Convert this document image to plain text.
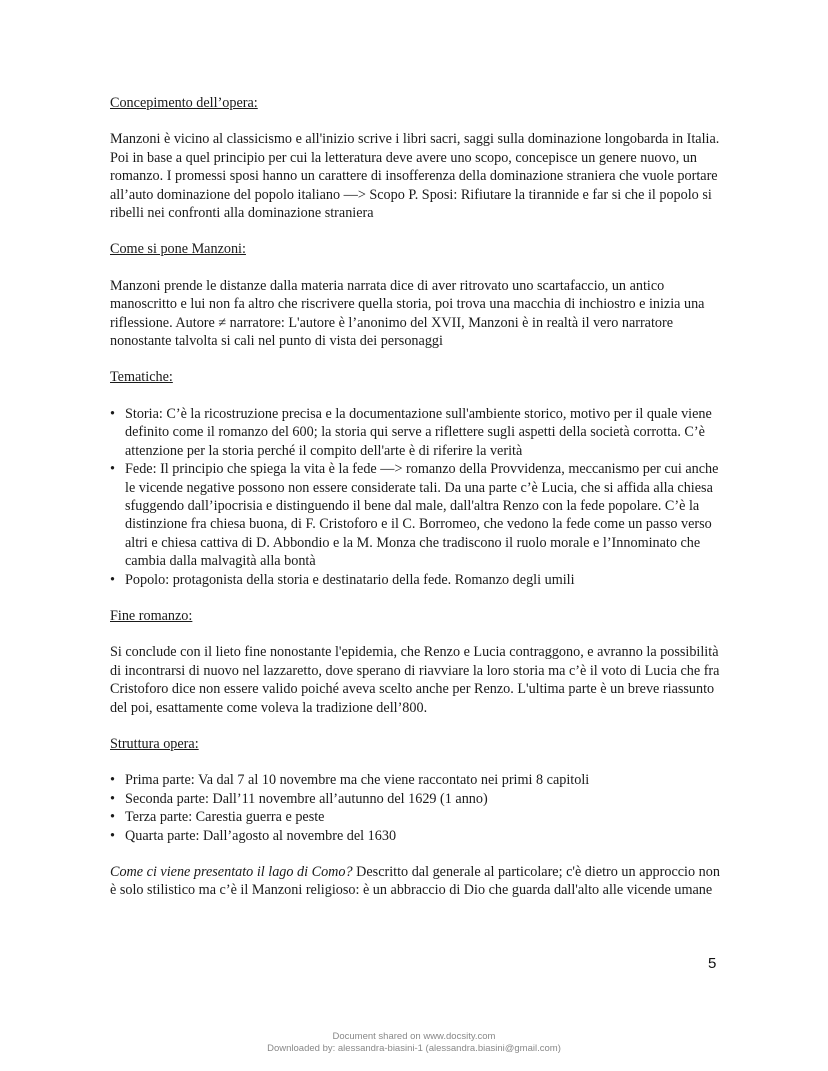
Concepimento dell’opera:

Manzoni è vicino al classicismo e all'inizio scrive i libri sacri, saggi sulla dominazione longobarda in Italia. Poi in base a quel principio per cui la letteratura deve avere uno scopo, concepisce un genere nuovo, un romanzo. I promessi sposi hanno un carattere di insofferenza della dominazione straniera che vuole portare all’auto dominazione del popolo italiano —> Scopo P. Sposi: Rifiutare la tirannide e far si che il popolo si ribelli nei confronti alla dominazione straniera

Come si pone Manzoni:

Manzoni prende le distanze dalla materia narrata dice di aver ritrovato uno scartafaccio, un antico manoscritto e lui non fa altro che riscrivere quella storia, poi trova una macchia di inchiostro e inizia una riflessione. Autore ≠ narratore: L'autore è l’anonimo del XVII, Manzoni è in realtà il vero narratore nonostante talvolta si cali nel punto di vista dei personaggi

Tematiche:

• Storia: C’è la ricostruzione precisa e la documentazione sull'ambiente storico, motivo per il quale viene definito come il romanzo del 600; la storia qui serve a riflettere sugli aspetti della società corrotta. C’è attenzione per la storia perché il compito dell'arte è di riferire la verità
• Fede: Il principio che spiega la vita è la fede —> romanzo della Provvidenza, meccanismo per cui anche le vicende negative possono non essere considerate tali. Da una parte c’è Lucia, che si affida alla chiesa sfuggendo dall’ipocrisia e distinguendo il bene dal male, dall'altra Renzo con la fede popolare. C’è la distinzione fra chiesa buona, di F. Cristoforo e il C. Borromeo, che vedono la fede come un passo verso altri e chiesa cattiva di D. Abbondio e la M. Monza che tradiscono il ruolo morale e l’Innominato che cambia dalla malvagità alla bontà
• Popolo: protagonista della storia e destinatario della fede. Romanzo degli umili

Fine romanzo:

Si conclude con il lieto fine nonostante l'epidemia, che Renzo e Lucia contraggono, e avranno la possibilità di incontrarsi di nuovo nel lazzaretto, dove sperano di riavviare la loro storia ma c’è il voto di Lucia che fra Cristoforo dice non essere valido poiché aveva scelto anche per Renzo. L'ultima parte è un breve riassunto del poi, esattamente come voleva la tradizione dell’800.

Struttura opera:

• Prima parte: Va dal 7 al 10 novembre ma che viene raccontato nei primi 8 capitoli
• Seconda parte: Dall’11 novembre all’autunno del 1629 (1 anno)
• Terza parte: Carestia guerra e peste
• Quarta parte: Dall’agosto al novembre del 1630

Come ci viene presentato il lago di Como? Descritto dal generale al particolare; c'è dietro un approccio non è solo stilistico ma c’è il Manzoni religioso: è un abbraccio di Dio che guarda dall'alto alle vicende umane

5
Document shared on www.docsity.com
Downloaded by: alessandra-biasini-1 (alessandra.biasini@gmail.com)
